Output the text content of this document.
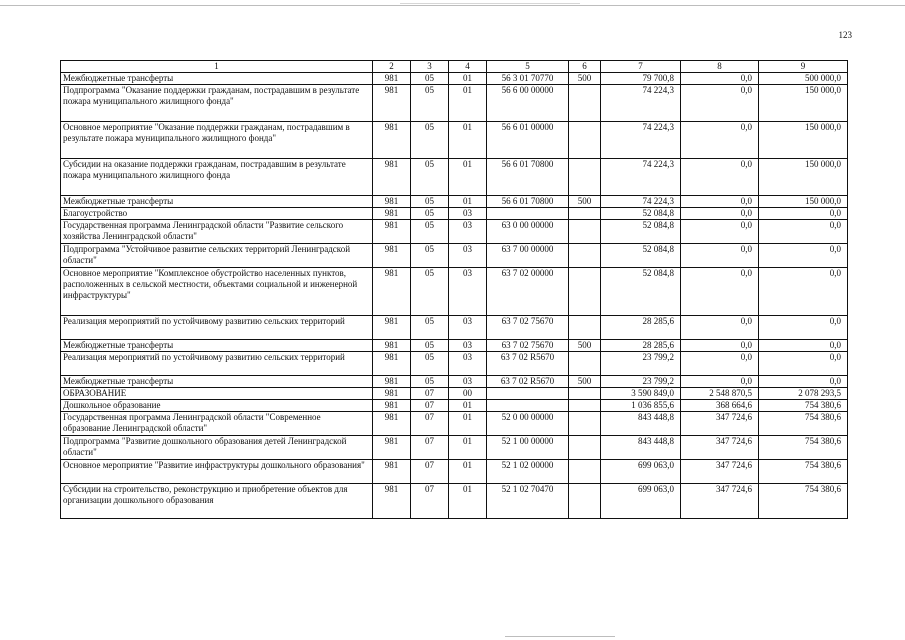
123
1	2	3	4	5	6	7	8	9
Межбюджетные трансферты	981	05	01	56 3 01 70770	500	79 700,8	0,0	500 000,0
Подпрограмма "Оказание поддержки гражданам, пострадавшим в результате пожара муниципального жилищного фонда"	981	05	01	56 6 00 00000		74 224,3	0,0	150 000,0
Основное мероприятие "Оказание поддержки гражданам, пострадавшим в результате пожара муниципального жилищного фонда"	981	05	01	56 6 01 00000		74 224,3	0,0	150 000,0
Субсидии на оказание поддержки гражданам, пострадавшим в результате пожара муниципального жилищного фонда	981	05	01	56 6 01 70800		74 224,3	0,0	150 000,0
Межбюджетные трансферты	981	05	01	56 6 01 70800	500	74 224,3	0,0	150 000,0
Благоустройство	981	05	03			52 084,8	0,0	0,0
Государственная программа Ленинградской области "Развитие сельского хозяйства Ленинградской области"	981	05	03	63 0 00 00000		52 084,8	0,0	0,0
Подпрограмма "Устойчивое развитие сельских территорий Ленинградской области"	981	05	03	63 7 00 00000		52 084,8	0,0	0,0
Основное мероприятие "Комплексное обустройство населенных пунктов, расположенных в сельской местности, объектами социальной и инженерной инфраструктуры"	981	05	03	63 7 02 00000		52 084,8	0,0	0,0
Реализация мероприятий по устойчивому развитию сельских территорий	981	05	03	63 7 02 75670		28 285,6	0,0	0,0
Межбюджетные трансферты	981	05	03	63 7 02 75670	500	28 285,6	0,0	0,0
Реализация мероприятий по устойчивому развитию сельских территорий	981	05	03	63 7 02 R5670		23 799,2	0,0	0,0
Межбюджетные трансферты	981	05	03	63 7 02 R5670	500	23 799,2	0,0	0,0
ОБРАЗОВАНИЕ	981	07	00			3 590 849,0	2 548 870,5	2 078 293,5
Дошкольное образование	981	07	01			1 036 855,6	368 664,6	754 380,6
Государственная программа Ленинградской области "Современное образование Ленинградской области"	981	07	01	52 0 00 00000		843 448,8	347 724,6	754 380,6
Подпрограмма "Развитие дошкольного образования детей Ленинградской области"	981	07	01	52 1 00 00000		843 448,8	347 724,6	754 380,6
Основное мероприятие "Развитие инфраструктуры дошкольного образования"	981	07	01	52 1 02 00000		699 063,0	347 724,6	754 380,6
Субсидии на строительство, реконструкцию и приобретение объектов для организации дошкольного образования	981	07	01	52 1 02 70470		699 063,0	347 724,6	754 380,6
